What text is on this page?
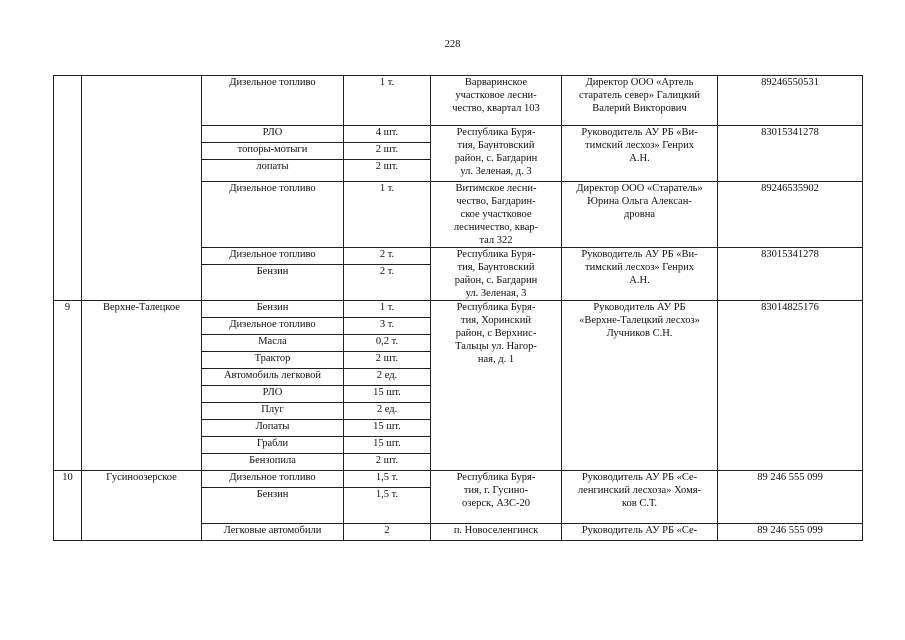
228
		Дизельное топливо	1 т.	Варваринское
участковое лесни-
чество, квартал 103	Директор ООО «Артель
старатель север» Галицкий
Валерий Викторович	89246550531
		РЛО	4 шт.	Республика Буря-
тия, Баунтовский
район, с. Багдарин
ул. Зеленая, д. 3	Руководитель АУ РБ «Ви-
тимский лесхоз» Генрих
А.Н.	83015341278
		топоры-мотыги	2 шт.			
		лопаты	2 шт.			
		Дизельное топливо	1 т.	Витимское лесни-
чество, Багдарин-
ское участковое
лесничество, квар-
тал 322	Директор ООО «Старатель»
Юрина Ольга Алексан-
дровна	89246535902
		Дизельное топливо	2 т.	Республика Буря-
тия, Баунтовский
район, с. Багдарин
ул. Зеленая, 3	Руководитель АУ РБ «Ви-
тимский лесхоз» Генрих
А.Н.	83015341278
		Бензин	2 т.			
9	Верхне-Талецкое	Бензин	1 т.	Республика Буря-
тия, Хоринский
район, с Верхнис-
Тальцы ул. Нагор-
ная, д. 1	Руководитель АУ РБ
«Верхне-Талецкий лесхоз»
Лучников С.Н.	83014825176
		Дизельное топливо	3 т.			
		Масла	0,2 т.			
		Трактор	2 шт.			
		Автомобиль легковой	2 ед.			
		РЛО	15 шт.			
		Плуг	2 ед.			
		Лопаты	15 шт.			
		Грабли	15 шт.			
		Бензопила	2 шт.			
10	Гусиноозерское	Дизельное топливо	1,5 т.	Республика Буря-
тия, г. Гусино-
озерск, АЗС-20	Руководитель АУ РБ «Се-
ленгинский лесхоза» Хомя-
ков С.Т.	89 246 555 099
		Бензин	1,5 т.			
		Легковые автомобили	2	п. Новоселенгинск	Руководитель АУ РБ «Се-	89 246 555 099
